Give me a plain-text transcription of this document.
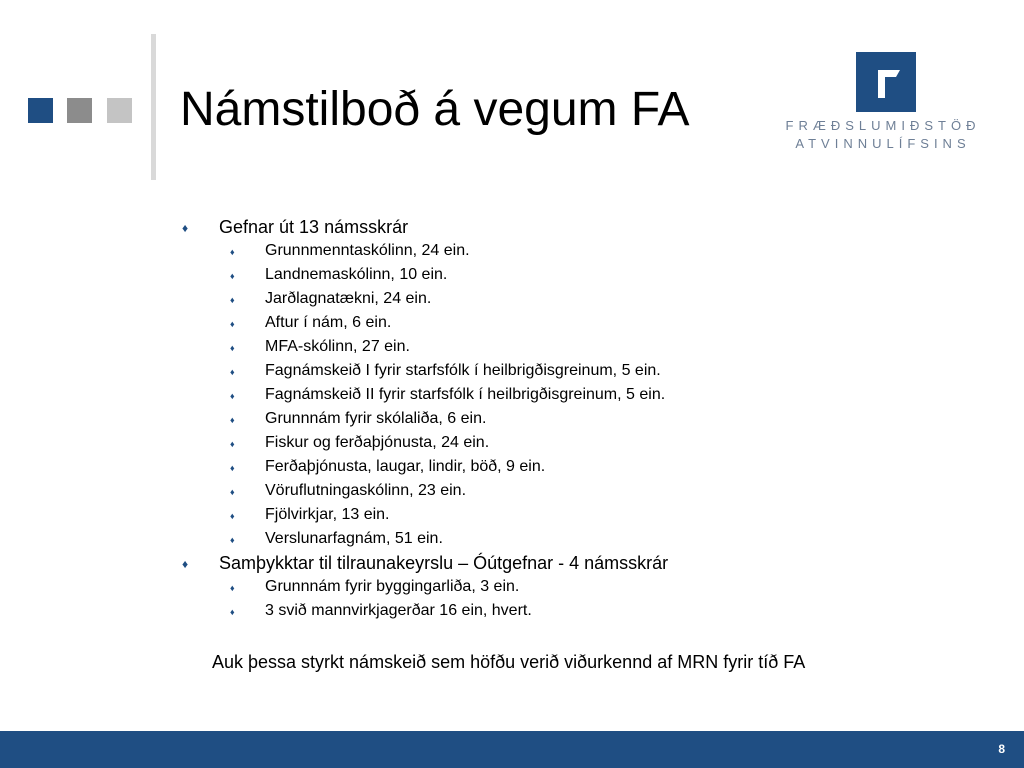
Námstilboð á vegum FA	FRÆÐSLUMIÐSTÖÐ
ATVINNULÍFSINS
♦ Gefnar út 13 námsskrár
♦ Grunnmenntaskólinn, 24 ein.
♦ Landnemaskólinn, 10 ein.
♦ Jarðlagnatækni, 24 ein.
♦ Aftur í nám, 6 ein.
♦ MFA-skólinn, 27 ein.
♦ Fagnámskeið I fyrir starfsfólk í heilbrigðisgreinum, 5 ein.
♦ Fagnámskeið II fyrir starfsfólk í heilbrigðisgreinum, 5 ein.
♦ Grunnnám fyrir skólaliða, 6 ein.
♦ Fiskur og ferðaþjónusta, 24 ein.
♦ Ferðaþjónusta, laugar, lindir, böð, 9 ein.
♦ Vöruflutningaskólinn, 23 ein.
♦ Fjölvirkjar, 13 ein.
♦ Verslunarfagnám, 51 ein.
♦ Samþykktar til tilraunakeyrslu – Óútgefnar - 4 námsskrár
♦ Grunnnám fyrir byggingarliða, 3 ein.
♦ 3 svið mannvirkjagerðar 16 ein, hvert.
Auk þessa styrkt námskeið sem höfðu verið viðurkennd af MRN fyrir tíð FA
8
